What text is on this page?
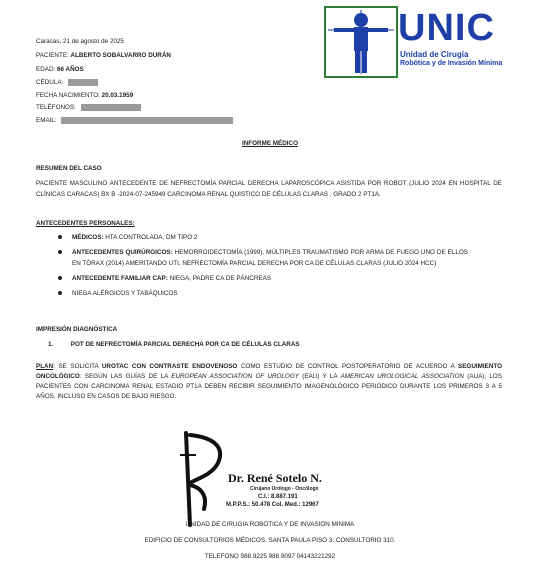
UNIC
Unidad de Cirugía
Robótica y de Invasión Mínima
Caracas, 21 de agosto de 2025
PACIENTE: ALBERTO SOBALVARRO DURÁN
EDAD: 66 AÑOS
CÉDULA:
FECHA NACIMIENTO: 20.03.1959
TELÉFONOS:
EMAIL:
INFORME MÉDICO
RESUMEN DEL CASO
PACIENTE MASCULINO ANTECEDENTE DE NEFRECTOMÍA PARCIAL DERECHA LAPAROSCÓPICA ASISTIDA POR ROBOT (JULIO 2024 EN HOSPITAL DE CLÍNICAS CARACAS) BX B -2024-07-245949 CARCINOMA RENAL QUISTICO DE CÉLULAS CLARAS , GRADO 2 PT1A.
ANTECEDENTES PERSONALES:
MÉDICOS: HTA CONTROLADA, DM TIPO 2
ANTECEDENTES QUIRÚRGICOS: HEMORROIDECTOMÍA (1999), MÚLTIPLES TRAUMATISMO POR ARMA DE FUEGO UNO DE ELLOS EN TÓRAX (2014) AMERITANDO UTI, NEFRECTOMÍA PARCIAL DERECHA POR CA DE CÉLULAS CLARAS (JULIO 2024 HCC)
ANTECEDENTE FAMILIAR CAP: NIEGA, PADRE CA DE PÁNCREAS
NIEGA ALÉRGICOS Y TABÁQUICOS
IMPRESIÓN DIAGNÓSTICA
1.	POT DE NEFRECTOMÍA PARCIAL DERECHA POR CA DE CÉLULAS CLARAS
PLAN: SE SOLICITA UROTAC CON CONTRASTE ENDOVENOSO COMO ESTUDIO DE CONTROL POSTOPERATORIO DE ACUERDO A SEGUIMIENTO ONCOLÓGICO: SEGÚN LAS GUÍAS DE LA EUROPEAN ASSOCIATION OF UROLOGY (EAU) Y LA AMERICAN UROLOGICAL ASSOCIATION (AUA), LOS PACIENTES CON CARCINOMA RENAL ESTADIO PT1A DEBEN RECIBIR SEGUIMIENTO IMAGENOLÓGICO PERIÓDICO DURANTE LOS PRIMEROS 3 A 5 AÑOS, INCLUSO EN CASOS DE BAJO RIESGO.
Dr. René Sotelo N.
Cirujano Urólogo - Oncólogo
C.I.: 8.887.191
M.P.P.S.: 50.478 Col. Med.: 12967
UNIDAD DE CIRUGIA ROBOTICA Y DE INVASION MINIMA
EDIFICIO DE CONSULTORIOS MÉDICOS. SANTA PAULA PISO 3. CONSULTORIO 310.
TELEFONO 988.9225 988.9097 04143221292
